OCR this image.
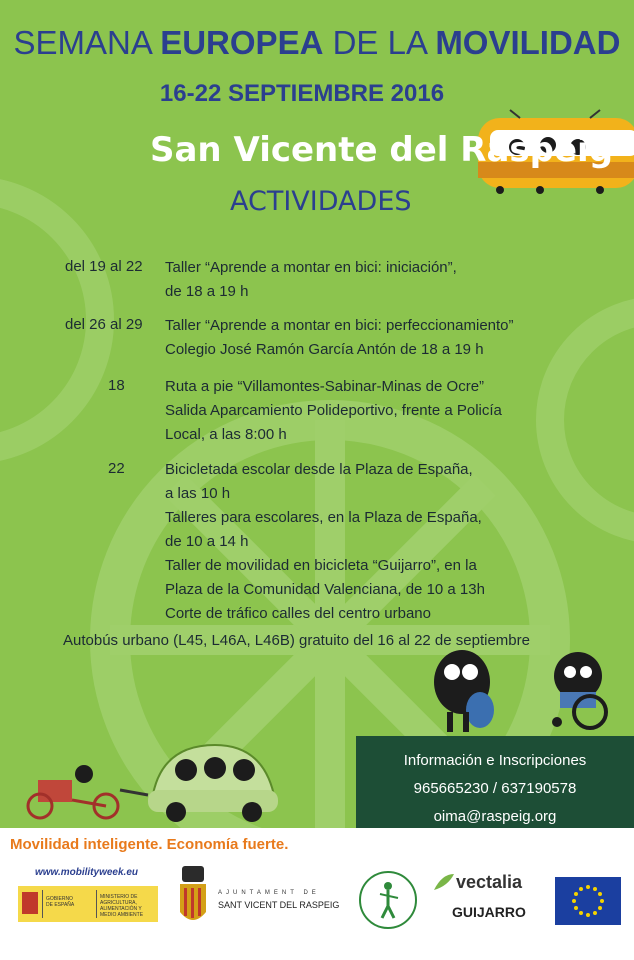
SEMANA EUROPEA DE LA MOVILIDAD

16-22 SEPTIEMBRE 2016

San Vicente del Raspeig

ACTIVIDADES

del 19 al 22 Taller “Aprende a montar en bici: iniciación”,
de 18 a 19 h
del 26 al 29 Taller “Aprende a montar en bici: perfeccionamiento”
Colegio José Ramón García Antón de 18 a 19 h
18	Ruta a pie “Villamontes-Sabinar-Minas de Ocre”
Salida Aparcamiento Polideportivo, frente a Policía
Local, a las 8:00 h
22	Bicicletada escolar desde la Plaza de España,
a las 10 h
Talleres para escolares, en la Plaza de España,
de 10 a 14 h
Taller de movilidad en bicicleta “Guijarro”, en la
Plaza de la Comunidad Valenciana, de 10 a 13h
Corte de tráfico calles del centro urbano

Autobús urbano (L45, L46A, L46B) gratuito del 16 al 22 de septiembre

Información e Inscripciones
965665230 / 637190578
oima@raspeig.org

Movilidad inteligente. Economía fuerte.

www.mobilityweek.eu

GOBIERNO DE ESPAÑA
MINISTERIO DE AGRICULTURA, ALIMENTACIÓN Y MEDIO AMBIENTE
AJUNTAMENT DE
SANT VICENT DEL RASPEIG

vectalia

GUIJARRO
